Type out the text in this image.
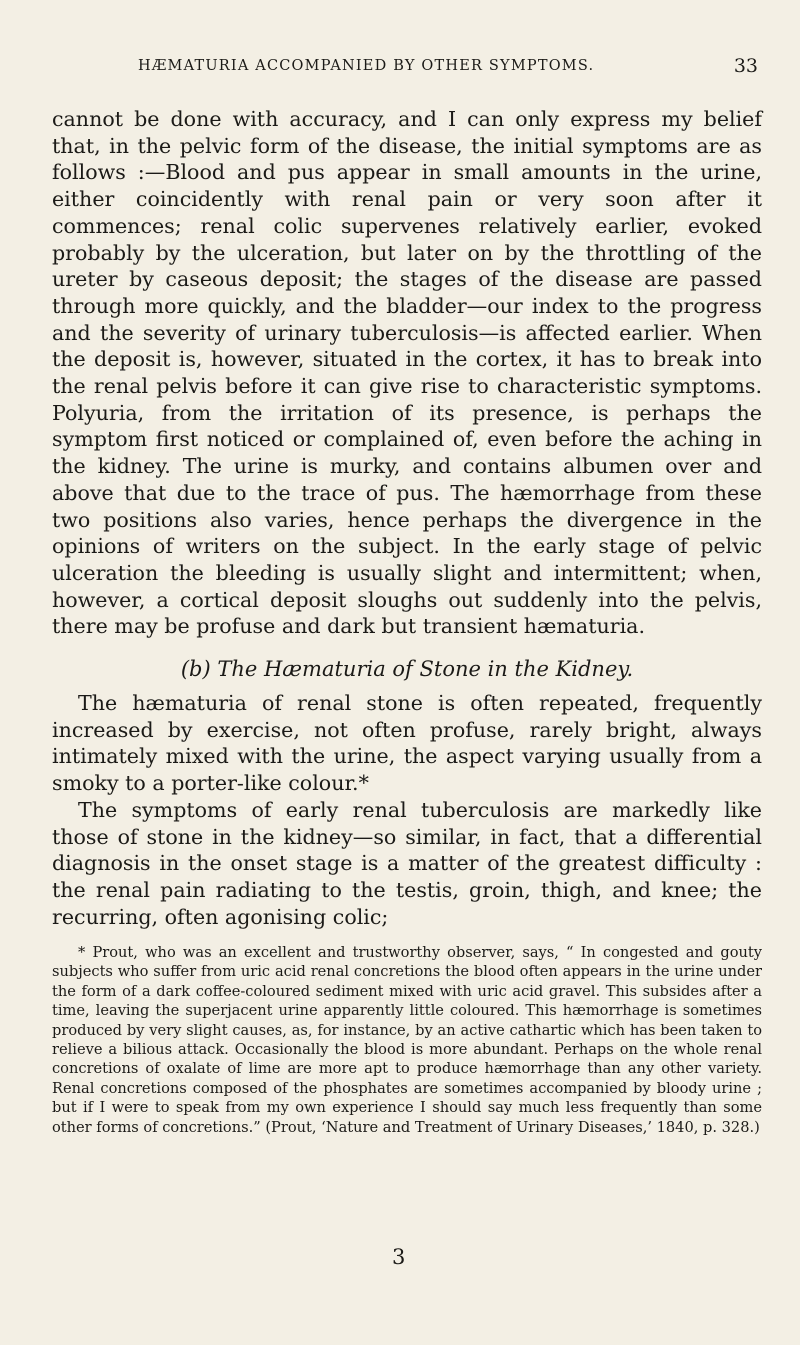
HÆMATURIA ACCOMPANIED BY OTHER SYMPTOMS.	33

cannot be done with accuracy, and I can only express my belief that, in the pelvic form of the disease, the initial symptoms are as follows :—Blood and pus appear in small amounts in the urine, either coincidently with renal pain or very soon after it commences; renal colic supervenes relatively earlier, evoked probably by the ulceration, but later on by the throttling of the ureter by caseous deposit; the stages of the disease are passed through more quickly, and the bladder—our index to the progress and the severity of urinary tuberculosis—is affected earlier. When the deposit is, however, situated in the cortex, it has to break into the renal pelvis before it can give rise to characteristic symptoms. Polyuria, from the irritation of its presence, is perhaps the symptom first noticed or complained of, even before the aching in the kidney. The urine is murky, and contains albumen over and above that due to the trace of pus. The hæmorrhage from these two positions also varies, hence perhaps the divergence in the opinions of writers on the subject. In the early stage of pelvic ulceration the bleeding is usually slight and intermittent; when, however, a cortical deposit sloughs out suddenly into the pelvis, there may be profuse and dark but transient hæmaturia.

(b) The Hæmaturia of Stone in the Kidney.

The hæmaturia of renal stone is often repeated, frequently increased by exercise, not often profuse, rarely bright, always intimately mixed with the urine, the aspect varying usually from a smoky to a porter-like colour.*

The symptoms of early renal tuberculosis are markedly like those of stone in the kidney—so similar, in fact, that a differential diagnosis in the onset stage is a matter of the greatest difficulty : the renal pain radiating to the testis, groin, thigh, and knee; the recurring, often agonising colic;

* Prout, who was an excellent and trustworthy observer, says, “ In congested and gouty subjects who suffer from uric acid renal concretions the blood often appears in the urine under the form of a dark coffee-coloured sediment mixed with uric acid gravel. This subsides after a time, leaving the superjacent urine apparently little coloured. This hæmorrhage is sometimes produced by very slight causes, as, for instance, by an active cathartic which has been taken to relieve a bilious attack. Occasionally the blood is more abundant. Perhaps on the whole renal concretions of oxalate of lime are more apt to produce hæmorrhage than any other variety. Renal concretions composed of the phosphates are sometimes accompanied by bloody urine ; but if I were to speak from my own experience I should say much less frequently than some other forms of concretions.” (Prout, ‘Nature and Treatment of Urinary Diseases,’ 1840, p. 328.)

3
